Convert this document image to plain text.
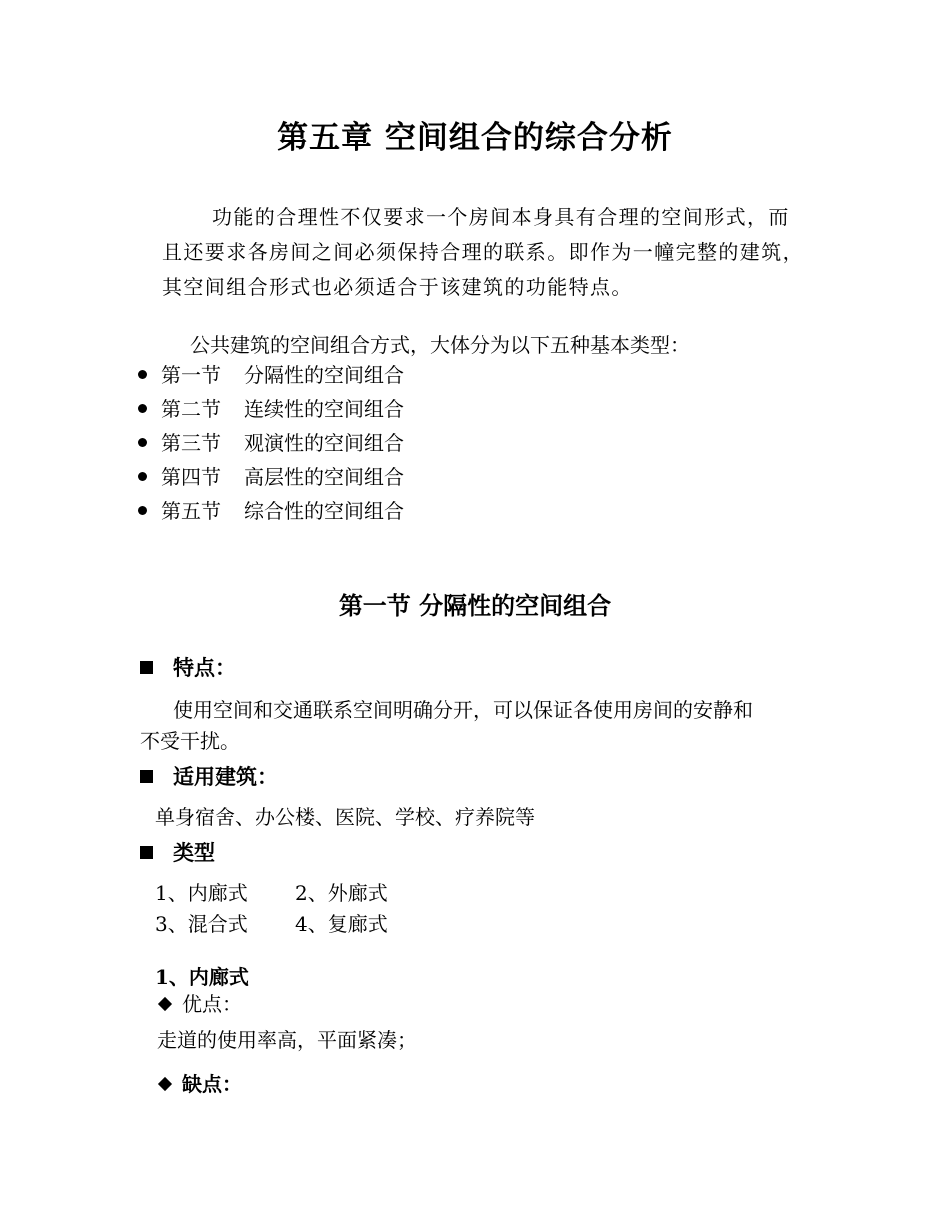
第五章 空间组合的综合分析
功能的合理性不仅要求一个房间本身具有合理的空间形式，而
且还要求各房间之间必须保持合理的联系。即作为一幢完整的建筑，
其空间组合形式也必须适合于该建筑的功能特点。
公共建筑的空间组合方式，大体分为以下五种基本类型：
第一节 分隔性的空间组合
第二节 连续性的空间组合
第三节 观演性的空间组合
第四节 高层性的空间组合
第五节 综合性的空间组合
第一节 分隔性的空间组合
特点：
使用空间和交通联系空间明确分开，可以保证各使用房间的安静和
不受干扰。
适用建筑：
单身宿舍、办公楼、医院、学校、疗养院等
类型
1、内廊式 2、外廊式
3、混合式 4、复廊式
1、内廊式
优点：
走道的使用率高，平面紧凑；
缺点：
